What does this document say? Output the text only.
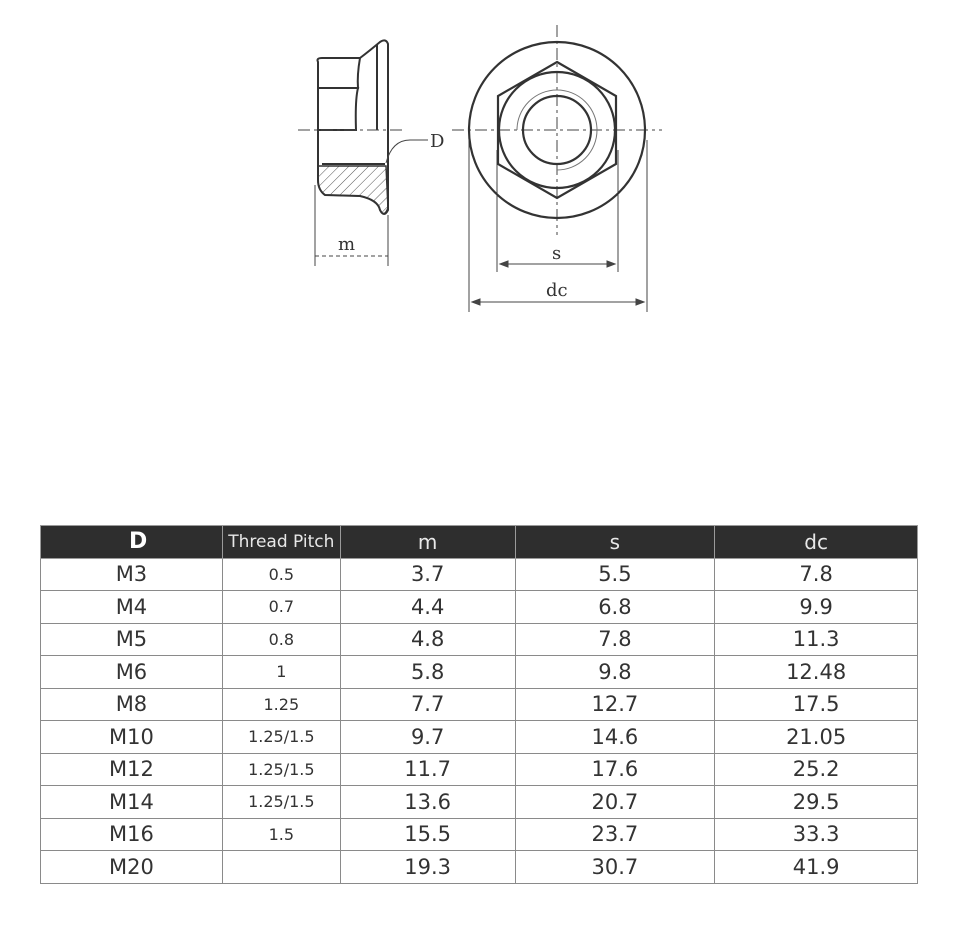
D
m	s
dc
D	Thread Pitch	m	s	dc
M3	0.5	3.7	5.5	7.8
M4	0.7	4.4	6.8	9.9
M5	0.8	4.8	7.8	11.3
M6	1	5.8	9.8	12.48
M8	1.25	7.7	12.7	17.5
M10	1.25/1.5	9.7	14.6	21.05
M12	1.25/1.5	11.7	17.6	25.2
M14	1.25/1.5	13.6	20.7	29.5
M16	1.5	15.5	23.7	33.3
M20		19.3	30.7	41.9
